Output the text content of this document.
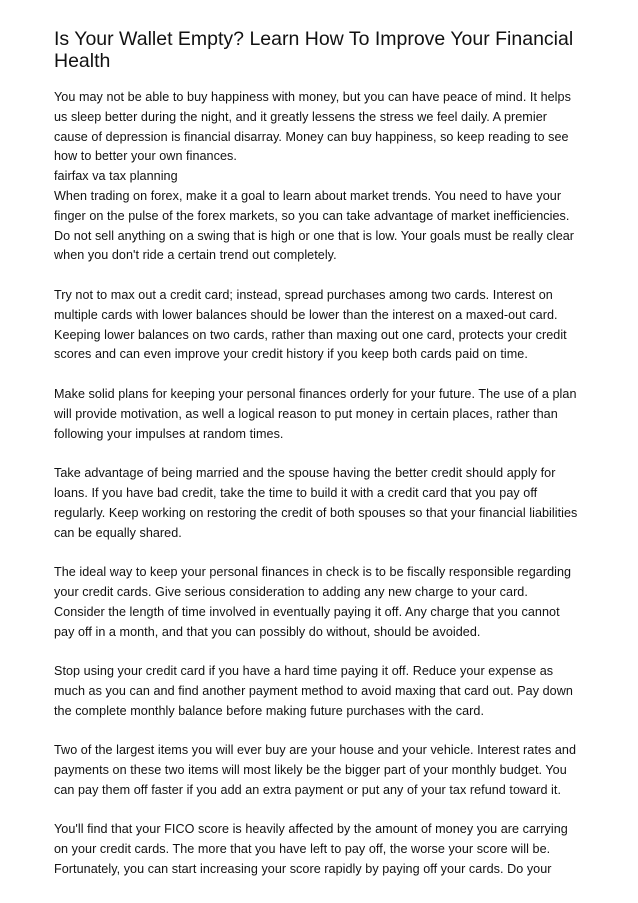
Is Your Wallet Empty? Learn How To Improve Your Financial
Health

You may not be able to buy happiness with money, but you can have peace of mind. It helps
us sleep better during the night, and it greatly lessens the stress we feel daily. A premier
cause of depression is financial disarray. Money can buy happiness, so keep reading to see
how to better your own finances.

fairfax va tax planning

When trading on forex, make it a goal to learn about market trends. You need to have your
finger on the pulse of the forex markets, so you can take advantage of market inefficiencies.
Do not sell anything on a swing that is high or one that is low. Your goals must be really clear
when you don't ride a certain trend out completely.

Try not to max out a credit card; instead, spread purchases among two cards. Interest on
multiple cards with lower balances should be lower than the interest on a maxed-out card.
Keeping lower balances on two cards, rather than maxing out one card, protects your credit
scores and can even improve your credit history if you keep both cards paid on time.

Make solid plans for keeping your personal finances orderly for your future. The use of a plan
will provide motivation, as well a logical reason to put money in certain places, rather than
following your impulses at random times.

Take advantage of being married and the spouse having the better credit should apply for
loans. If you have bad credit, take the time to build it with a credit card that you pay off
regularly. Keep working on restoring the credit of both spouses so that your financial liabilities
can be equally shared.

The ideal way to keep your personal finances in check is to be fiscally responsible regarding
your credit cards. Give serious consideration to adding any new charge to your card.
Consider the length of time involved in eventually paying it off. Any charge that you cannot
pay off in a month, and that you can possibly do without, should be avoided.

Stop using your credit card if you have a hard time paying it off. Reduce your expense as
much as you can and find another payment method to avoid maxing that card out. Pay down
the complete monthly balance before making future purchases with the card.

Two of the largest items you will ever buy are your house and your vehicle. Interest rates and
payments on these two items will most likely be the bigger part of your monthly budget. You
can pay them off faster if you add an extra payment or put any of your tax refund toward it.

You'll find that your FICO score is heavily affected by the amount of money you are carrying
on your credit cards. The more that you have left to pay off, the worse your score will be.
Fortunately, you can start increasing your score rapidly by paying off your cards. Do your
